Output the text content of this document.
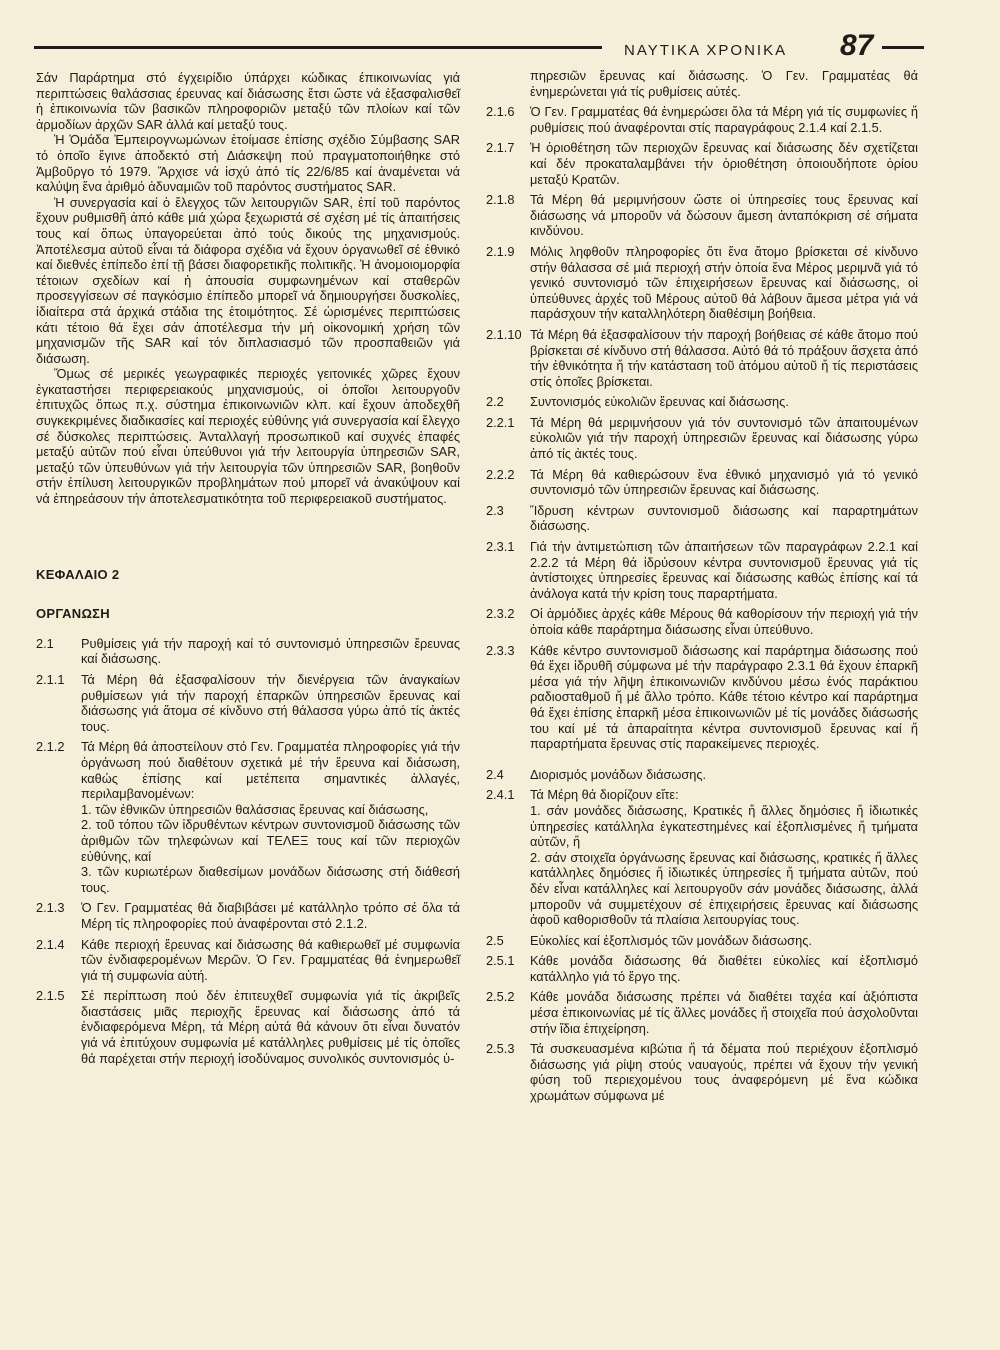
ΝΑΥΤΙΚΑ ΧΡΟΝΙΚΑ 87

Σάν Παράρτημα στό έγχειρίδιο ύπάρχει κώδικας έπικοινωνίας γιά περιπτώσεις θαλάσσιας έρευνας καί διάσωσης ἔτσι ὥστε νά ἐξασφαλισθεῖ ἡ ἐπικοινωνία τῶν βασικῶν πληροφοριῶν μεταξύ τῶν πλοίων καί τῶν ἁρμοδίων ἀρχῶν SAR ἀλλά καί μεταξύ τους.

Ἡ Ὁμάδα Ἐμπειρογνωμώνων ἑτοίμασε ἐπίσης σχέδιο Σύμβασης SAR τό ὁποῖο ἔγινε ἀποδεκτό στή Διάσκεψη πού πραγματοποιήθηκε στό Ἀμβοῦργο τό 1979. Ἄρχισε νά ἰσχύ ἀπό τίς 22/6/85 καί ἀναμένεται νά καλύψη ἕνα ἀριθμό ἀδυναμιῶν τοῦ παρόντος συστήματος SAR.

Ἡ συνεργασία καί ὁ ἔλεγχος τῶν λειτουργιῶν SAR, ἐπί τοῦ παρόντος ἔχουν ρυθμισθῆ ἀπό κάθε μιά χώρα ξεχωριστά σέ σχέση μέ τίς ἀπαιτήσεις τους καί ὅπως ὑπαγορεύεται ἀπό τούς δικούς της μηχανισμούς. Ἀποτέλεσμα αὐτοῦ εἶναι τά διάφορα σχέδια νά ἔχουν ὀργανωθεῖ σέ ἐθνικό καί διεθνές ἐπίπεδο ἐπί τῇ βάσει διαφορετικῆς πολιτικῆς. Ἡ ἀνομοιομορφία τέτοιων σχεδίων καί ἡ ἀπουσία συμφωνημένων καί σταθερῶν προσεγγίσεων σέ παγκόσμιο ἐπίπεδο μπορεῖ νά δημιουργήσει δυσκολίες, ἰδιαίτερα στά ἀρχικά στάδια της ἑτοιμότητος. Σέ ὡρισμένες περιπτώσεις κάτι τέτοιο θά ἔχει σάν ἀποτέλεσμα τήν μή οἰκονομική χρήση τῶν μηχανισμῶν τῆς SAR καί τόν διπλασιασμό τῶν προσπαθειῶν γιά διάσωση.

Ὅμως σέ μερικές γεωγραφικές περιοχές γειτονικές χῶρες ἔχουν ἐγκαταστήσει περιφερειακούς μηχανισμούς, οἱ ὁποῖοι λειτουργοῦν ἐπιτυχῶς ὅπως π.χ. σύστημα ἐπικοινωνιῶν κλπ. καί ἔχουν ἀποδεχθῆ συγκεκριμένες διαδικασίες καί περιοχές εὐθύνης γιά συνεργασία καί ἔλεγχο σέ δύσκολες περιπτώσεις. Ἀνταλλαγή προσωπικοῦ καί συχνές ἐπαφές μεταξύ αὐτῶν πού εἶναι ὑπεύθυνοι γιά τήν λειτουργία ὑπηρεσιῶν SAR, μεταξύ τῶν ὑπευθύνων γιά τήν λειτουργία τῶν ὑπηρεσιῶν SAR, βοηθοῦν στήν ἐπίλυση λειτουργικῶν προβλημάτων πού μπορεῖ νά ἀνακύψουν καί νά ἐπηρεάσουν τήν ἀποτελεσματικότητα τοῦ περιφερειακοῦ συστήματος.

ΚΕΦΑΛΑΙΟ 2
ΟΡΓΑΝΩΣΗ
2.1	Ρυθμίσεις γιά τήν παροχή καί τό συντονισμό ὑπηρεσιῶν ἔρευνας καί διάσωσης.
2.1.1	Τά Μέρη θά ἐξασφαλίσουν τήν διενέργεια τῶν ἀναγκαίων ρυθμίσεων γιά τήν παροχή ἐπαρκῶν ὑπηρεσιῶν ἔρευνας καί διάσωσης γιά ἄτομα σέ κίνδυνο στή θάλασσα γύρω ἀπό τίς ἀκτές τους.
2.1.2	Τά Μέρη θά ἀποστείλουν στό Γεν. Γραμματέα πληροφορίες γιά τήν ὀργάνωση πού διαθέτουν σχετικά μέ τήν ἔρευνα καί διάσωση, καθώς ἐπίσης καί μετέπειτα σημαντικές ἀλλαγές, περιλαμβανομένων:
1. τῶν ἐθνικῶν ὑπηρεσιῶν θαλάσσιας ἔρευνας καί διάσωσης,
2. τοῦ τόπου τῶν ἱδρυθέντων κέντρων συντονισμοῦ διάσωσης τῶν ἀριθμῶν τῶν τηλεφώνων καί ΤΕΛΕΞ τους καί τῶν περιοχῶν εὐθύνης, καί
3. τῶν κυριωτέρων διαθεσίμων μονάδων διάσωσης στή διάθεσή τους.
2.1.3	Ὁ Γεν. Γραμματέας θά διαβιβάσει μέ κατάλληλο τρόπο σέ ὅλα τά Μέρη τίς πληροφορίες πού ἀναφέρονται στό 2.1.2.
2.1.4	Κάθε περιοχή ἔρευνας καί διάσωσης θά καθιερωθεῖ μέ συμφωνία τῶν ἐνδιαφερομένων Μερῶν. Ὁ Γεν. Γραμματέας θά ἐνημερωθεῖ γιά τή συμφωνία αὐτή.
2.1.5	Σέ περίπτωση πού δέν ἐπιτευχθεῖ συμφωνία γιά τίς ἀκριβεῖς διαστάσεις μιᾶς περιοχῆς ἔρευνας καί διάσωσης ἀπό τά ἐνδιαφερόμενα Μέρη, τά Μέρη αὐτά θά κάνουν ὅτι εἶναι δυνατόν γιά νά ἐπιτύχουν συμφωνία μέ κατάλληλες ρυθμίσεις μέ τίς ὁποῖες θά παρέχεται στήν περιοχή ἰσοδύναμος συνολικός συντονισμός ὑ-
πηρεσιῶν ἔρευνας καί διάσωσης. Ὁ Γεν. Γραμματέας θά ἐνημερώνεται γιά τίς ρυθμίσεις αὐτές.
2.1.6	Ὁ Γεν. Γραμματέας θά ἐνημερώσει ὅλα τά Μέρη γιά τίς συμφωνίες ἤ ρυθμίσεις πού ἀναφέρονται στίς παραγράφους 2.1.4 καί 2.1.5.
2.1.7	Ἡ ὁριοθέτηση τῶν περιοχῶν ἔρευνας καί διάσωσης δέν σχετίζεται καί δέν προκαταλαμβάνει τήν ὁριοθέτηση ὁποιουδήποτε ὁρίου μεταξύ Κρατῶν.
2.1.8	Τά Μέρη θά μεριμνήσουν ὥστε οἱ ὑπηρεσίες τους ἔρευνας καί διάσωσης νά μποροῦν νά δώσουν ἄμεση ἀνταπόκριση σέ σήματα κινδύνου.
2.1.9	Μόλις ληφθοῦν πληροφορίες ὅτι ἕνα ἄτομο βρίσκεται σέ κίνδυνο στήν θάλασσα σέ μιά περιοχή στήν ὁποία ἕνα Μέρος μεριμνᾶ γιά τό γενικό συντονισμό τῶν ἐπιχειρήσεων ἔρευνας καί διάσωσης, οἱ ὑπεύθυνες ἀρχές τοῦ Μέρους αὐτοῦ θά λάβουν ἄμεσα μέτρα γιά νά παράσχουν τήν καταλληλότερη διαθέσιμη βοήθεια.
2.1.10 Τά Μέρη θά ἐξασφαλίσουν τήν παροχή βοήθειας σέ κάθε ἄτομο πού βρίσκεται σέ κίνδυνο στή θάλασσα. Αὐτό θά τό πράξουν ἄσχετα ἀπό τήν ἐθνικότητα ἤ τήν κατάσταση τοῦ ἀτόμου αὐτοῦ ἤ τίς περιστάσεις στίς ὁποῖες βρίσκεται.
2.2	Συντονισμός εὐκολιῶν ἔρευνας καί διάσωσης.
2.2.1	Τά Μέρη θά μεριμνήσουν γιά τόν συντονισμό τῶν ἀπαιτουμένων εὐκολιῶν γιά τήν παροχή ὑπηρεσιῶν ἔρευνας καί διάσωσης γύρω ἀπό τίς ἀκτές τους.
2.2.2	Τά Μέρη θά καθιερώσουν ἕνα ἐθνικό μηχανισμό γιά τό γενικό συντονισμό τῶν ὑπηρεσιῶν ἔρευνας καί διάσωσης.
2.3	Ἵδρυση κέντρων συντονισμοῦ διάσωσης καί παραρτημάτων διάσωσης.
2.3.1	Γιά τήν ἀντιμετώπιση τῶν ἀπαιτήσεων τῶν παραγράφων 2.2.1 καί 2.2.2 τά Μέρη θά ἱδρύσουν κέντρα συντονισμοῦ ἔρευνας γιά τίς ἀντίστοιχες ὑπηρεσίες ἔρευνας καί διάσωσης καθώς ἐπίσης καί τά ἀνάλογα κατά τήν κρίση τους παραρτήματα.
2.3.2	Οἱ ἁρμόδιες ἀρχές κάθε Μέρους θά καθορίσουν τήν περιοχή γιά τήν ὁποία κάθε παράρτημα διάσωσης εἶναι ὑπεύθυνο.
2.3.3	Κάθε κέντρο συντονισμοῦ διάσωσης καί παράρτημα διάσωσης πού θά ἔχει ἱδρυθῆ σύμφωνα μέ τήν παράγραφο 2.3.1 θά ἔχουν ἐπαρκῆ μέσα γιά τήν λῆψη ἐπικοινωνιῶν κινδύνου μέσω ἑνός παράκτιου ραδιοσταθμοῦ ἤ μέ ἄλλο τρόπο. Κάθε τέτοιο κέντρο καί παράρτημα θά ἔχει ἐπίσης ἐπαρκῆ μέσα ἐπικοινωνιῶν μέ τίς μονάδες διάσωσής του καί μέ τά ἀπαραίτητα κέντρα συντονισμοῦ ἔρευνας καί ἤ παραρτήματα ἔρευνας στίς παρακείμενες περιοχές.
2.4	Διορισμός μονάδων διάσωσης.
2.4.1	Τά Μέρη θά διορίζουν εἴτε:
1. σάν μονάδες διάσωσης, Κρατικές ἤ ἄλλες δημόσιες ἤ ἰδιωτικές ὑπηρεσίες κατάλληλα ἐγκατεστημένες καί ἐξοπλισμένες ἤ τμήματα αὐτῶν, ἤ
2. σάν στοιχεῖα ὀργάνωσης ἔρευνας καί διάσωσης, κρατικές ἤ ἄλλες κατάλληλες δημόσιες ἤ ἰδιωτικές ὑπηρεσίες ἤ τμήματα αὐτῶν, πού δέν εἶναι κατάλληλες καί λειτουργοῦν σάν μονάδες διάσωσης, ἀλλά μποροῦν νά συμμετέχουν σέ ἐπιχειρήσεις ἔρευνας καί διάσωσης ἀφοῦ καθορισθοῦν τά πλαίσια λειτουργίας τους.
2.5	Εὐκολίες καί ἐξοπλισμός τῶν μονάδων διάσωσης.
2.5.1	Κάθε μονάδα διάσωσης θά διαθέτει εὐκολίες καί ἐξοπλισμό κατάλληλο γιά τό ἔργο της.
2.5.2	Κάθε μονάδα διάσωσης πρέπει νά διαθέτει ταχέα καί ἀξιόπιστα μέσα ἐπικοινωνίας μέ τίς ἄλλες μονάδες ἤ στοιχεῖα πού ἀσχολοῦνται στήν ἴδια ἐπιχείρηση.
2.5.3	Τά συσκευασμένα κιβώτια ἤ τά δέματα πού περιέχουν ἐξοπλισμό διάσωσης γιά ρίψη στούς ναυαγούς, πρέπει νά ἔχουν τήν γενική φύση τοῦ περιεχομένου τους ἀναφερόμενη μέ ἕνα κώδικα χρωμάτων σύμφωνα μέ
